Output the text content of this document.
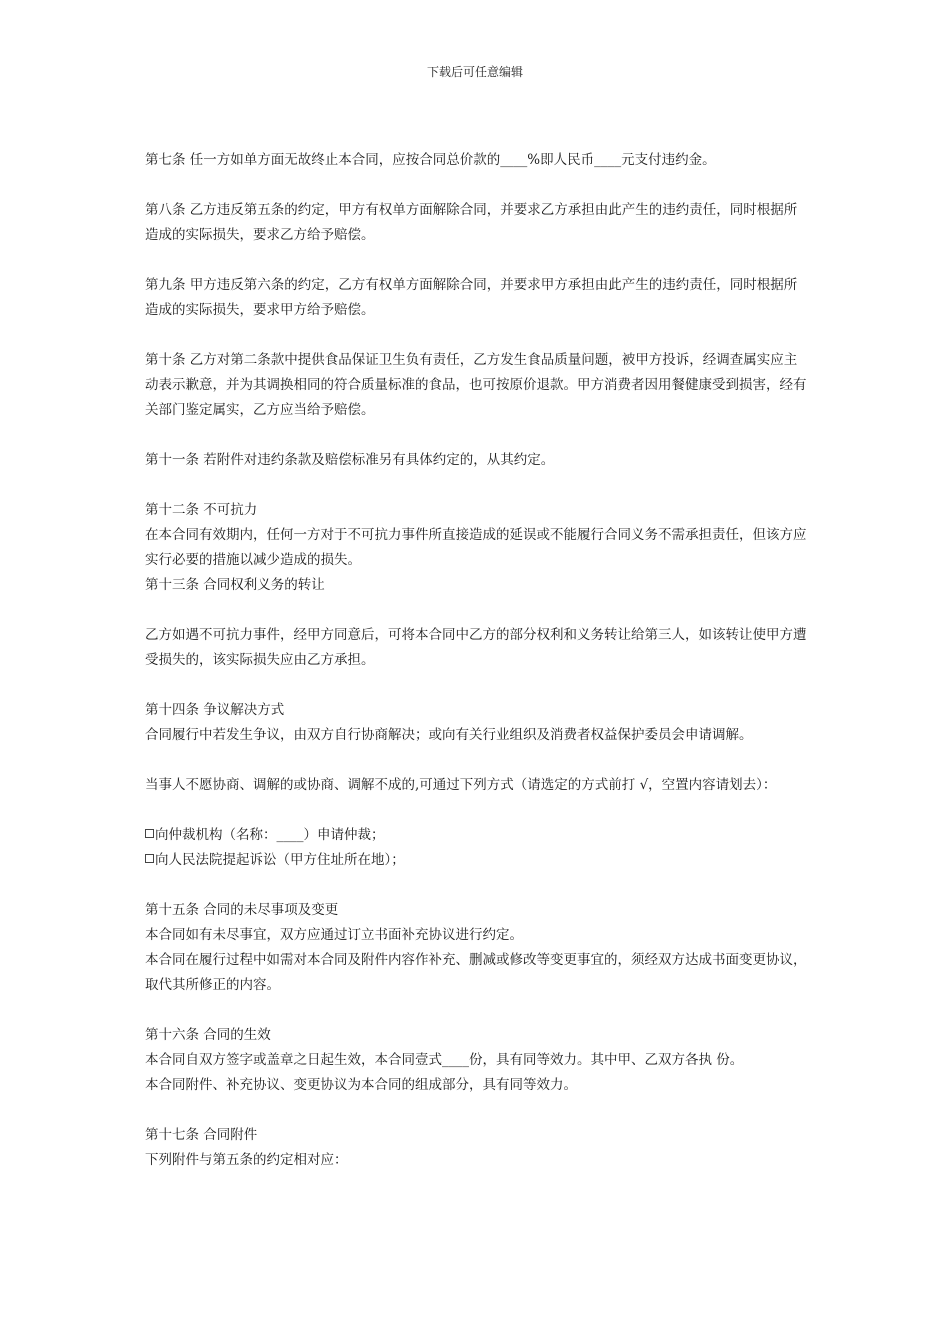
下载后可任意编辑

第七条 任一方如单方面无故终止本合同，应按合同总价款的____%即人民币____元支付违约金。

第八条 乙方违反第五条的约定，甲方有权单方面解除合同，并要求乙方承担由此产生的违约责任，同时根据所造成的实际损失，要求乙方给予赔偿。

第九条 甲方违反第六条的约定，乙方有权单方面解除合同，并要求甲方承担由此产生的违约责任，同时根据所造成的实际损失，要求甲方给予赔偿。

第十条 乙方对第二条款中提供食品保证卫生负有责任，乙方发生食品质量问题，被甲方投诉，经调查属实应主动表示歉意，并为其调换相同的符合质量标准的食品，也可按原价退款。甲方消费者因用餐健康受到损害，经有关部门鉴定属实，乙方应当给予赔偿。

第十一条 若附件对违约条款及赔偿标准另有具体约定的，从其约定。

第十二条 不可抗力

在本合同有效期内，任何一方对于不可抗力事件所直接造成的延误或不能履行合同义务不需承担责任，但该方应实行必要的措施以减少造成的损失。

第十三条 合同权利义务的转让

乙方如遇不可抗力事件，经甲方同意后，可将本合同中乙方的部分权利和义务转让给第三人，如该转让使甲方遭受损失的，该实际损失应由乙方承担。

第十四条 争议解决方式

合同履行中若发生争议，由双方自行协商解决；或向有关行业组织及消费者权益保护委员会申请调解。

当事人不愿协商、调解的或协商、调解不成的,可通过下列方式（请选定的方式前打 √，空置内容请划去）：

向仲裁机构（名称：____）申请仲裁；

向人民法院提起诉讼（甲方住址所在地）；

第十五条 合同的未尽事项及变更

本合同如有未尽事宜，双方应通过订立书面补充协议进行约定。

本合同在履行过程中如需对本合同及附件内容作补充、删减或修改等变更事宜的，须经双方达成书面变更协议，取代其所修正的内容。

第十六条 合同的生效

本合同自双方签字或盖章之日起生效，本合同壹式____份，具有同等效力。其中甲、乙双方各执 份。

本合同附件、补充协议、变更协议为本合同的组成部分，具有同等效力。

第十七条 合同附件

下列附件与第五条的约定相对应：
